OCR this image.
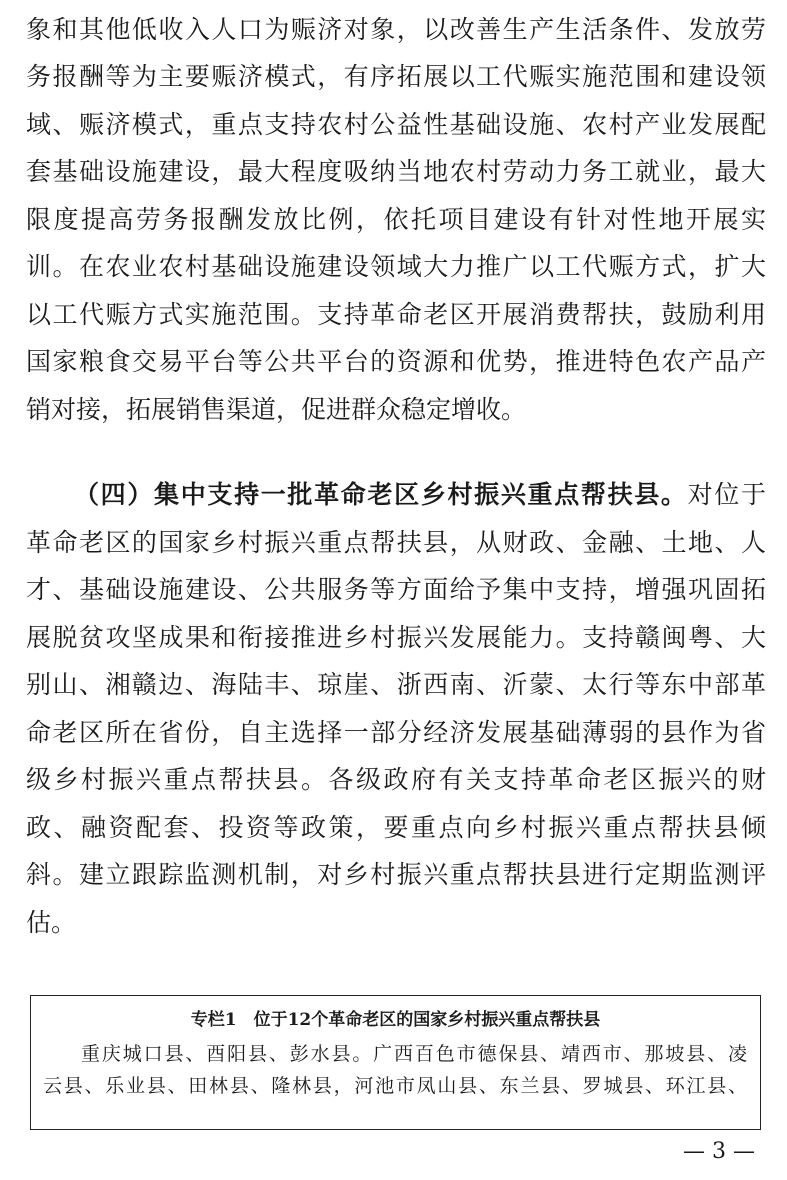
象和其他低收入人口为赈济对象，以改善生产生活条件、发放劳
务报酬等为主要赈济模式，有序拓展以工代赈实施范围和建设领
域、赈济模式，重点支持农村公益性基础设施、农村产业发展配
套基础设施建设，最大程度吸纳当地农村劳动力务工就业，最大
限度提高劳务报酬发放比例，依托项目建设有针对性地开展实
训。在农业农村基础设施建设领域大力推广以工代赈方式，扩大
以工代赈方式实施范围。支持革命老区开展消费帮扶，鼓励利用
国家粮食交易平台等公共平台的资源和优势，推进特色农产品产
销对接，拓展销售渠道，促进群众稳定增收。
（四）集中支持一批革命老区乡村振兴重点帮扶县。对位于
革命老区的国家乡村振兴重点帮扶县，从财政、金融、土地、人
才、基础设施建设、公共服务等方面给予集中支持，增强巩固拓
展脱贫攻坚成果和衔接推进乡村振兴发展能力。支持赣闽粤、大
别山、湘赣边、海陆丰、琼崖、浙西南、沂蒙、太行等东中部革
命老区所在省份，自主选择一部分经济发展基础薄弱的县作为省
级乡村振兴重点帮扶县。各级政府有关支持革命老区振兴的财
政、融资配套、投资等政策，要重点向乡村振兴重点帮扶县倾
斜。建立跟踪监测机制，对乡村振兴重点帮扶县进行定期监测评
估。
专栏1　位于12个革命老区的国家乡村振兴重点帮扶县
重庆城口县、酉阳县、彭水县。广西百色市德保县、靖西市、那坡县、凌
云县、乐业县、田林县、隆林县，河池市凤山县、东兰县、罗城县、环江县、
— 3 —
